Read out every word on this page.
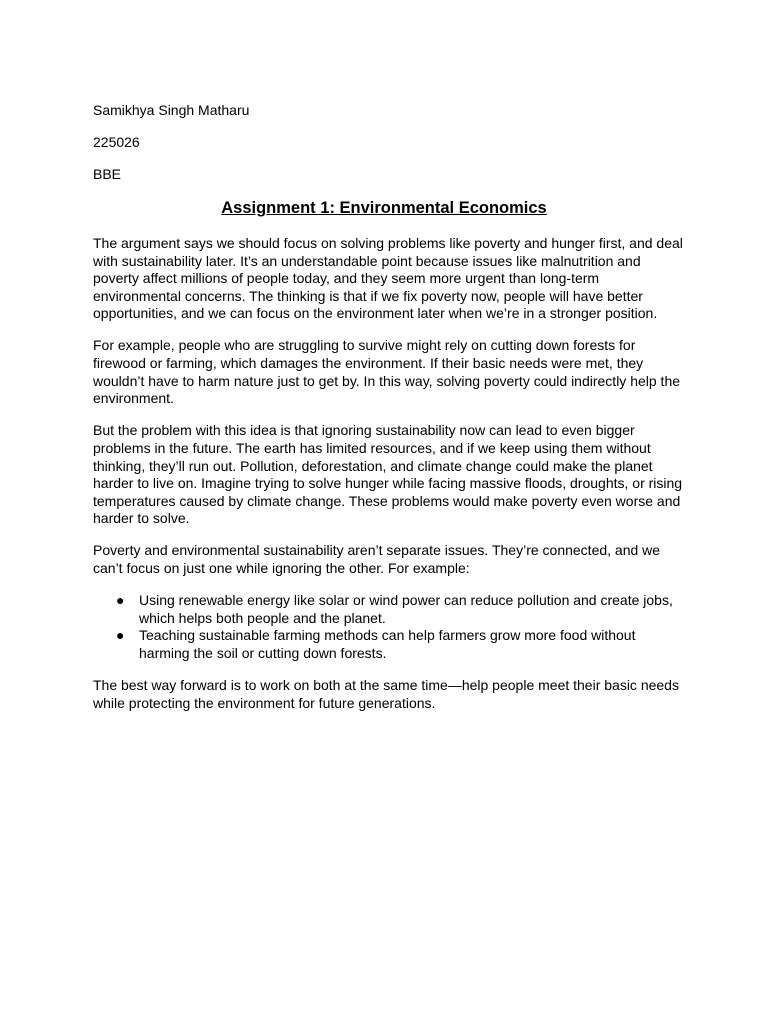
Samikhya Singh Matharu

225026

BBE

Assignment 1: Environmental Economics

The argument says we should focus on solving problems like poverty and hunger first, and deal with sustainability later. It’s an understandable point because issues like malnutrition and poverty affect millions of people today, and they seem more urgent than long-term environmental concerns. The thinking is that if we fix poverty now, people will have better opportunities, and we can focus on the environment later when we’re in a stronger position.

For example, people who are struggling to survive might rely on cutting down forests for firewood or farming, which damages the environment. If their basic needs were met, they wouldn’t have to harm nature just to get by. In this way, solving poverty could indirectly help the environment.

But the problem with this idea is that ignoring sustainability now can lead to even bigger problems in the future. The earth has limited resources, and if we keep using them without thinking, they’ll run out. Pollution, deforestation, and climate change could make the planet harder to live on. Imagine trying to solve hunger while facing massive floods, droughts, or rising temperatures caused by climate change. These problems would make poverty even worse and harder to solve.

Poverty and environmental sustainability aren’t separate issues. They’re connected, and we can’t focus on just one while ignoring the other. For example:

● Using renewable energy like solar or wind power can reduce pollution and create jobs, which helps both people and the planet.
● Teaching sustainable farming methods can help farmers grow more food without harming the soil or cutting down forests.

The best way forward is to work on both at the same time—help people meet their basic needs while protecting the environment for future generations.
